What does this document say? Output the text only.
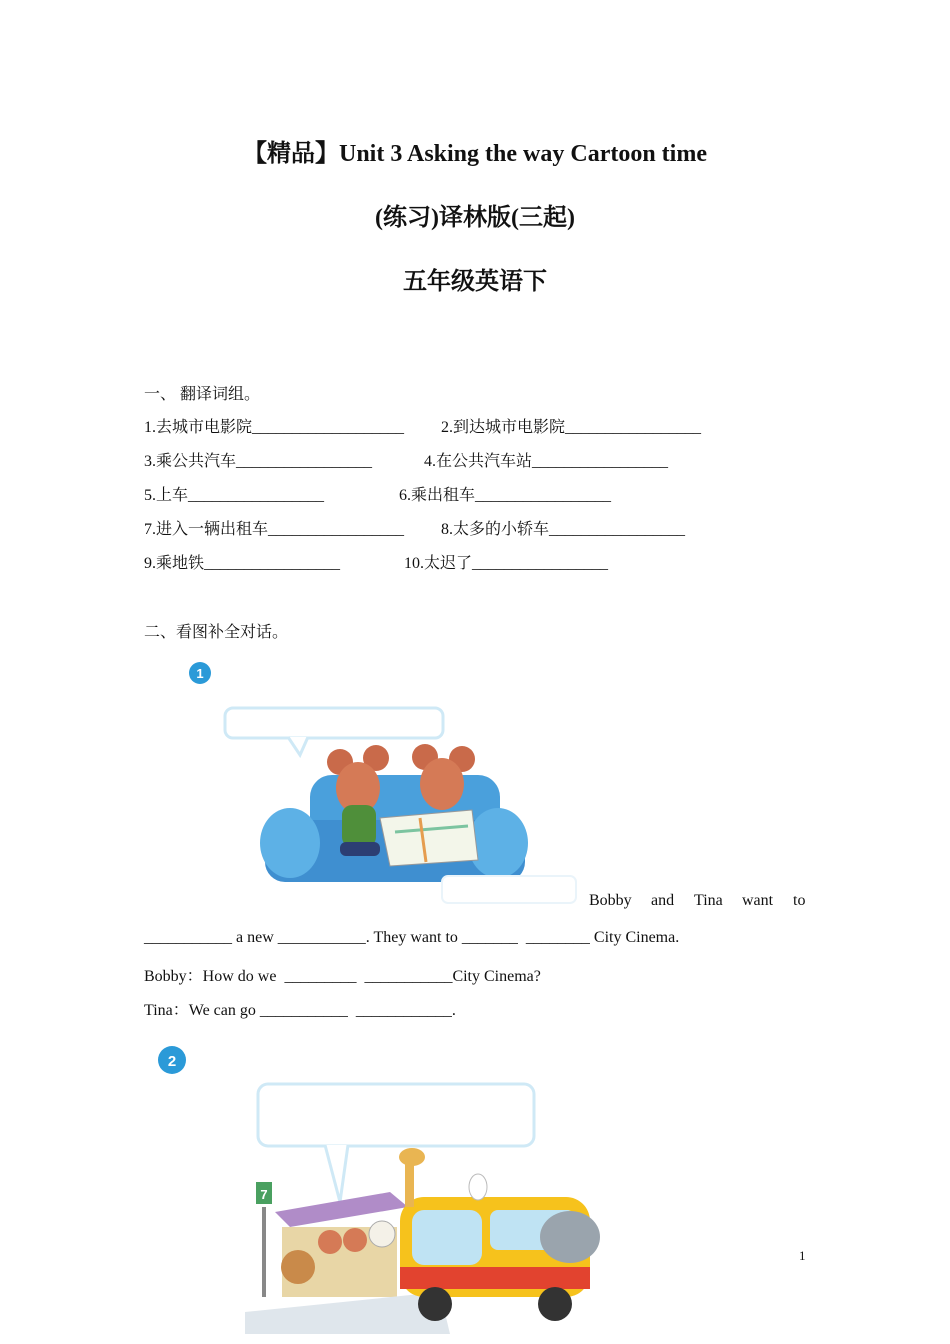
【精品】Unit 3 Asking the way Cartoon time
(练习)译林版(三起)
五年级英语下
一、 翻译词组。
1.去城市电影院___________________ 2.到达城市电影院_________________
3.乘公共汽车_________________	4.在公共汽车站_________________
5.上车_________________	6.乘出租车_________________
7.进入一辆出租车_________________ 8.太多的小轿车_________________
9.乘地铁_________________	10.太迟了_________________
二、看图补全对话。
1
Bobby and Tina want to
___________ a new ___________. They want to _______  ________ City Cinema.
Bobby：How do we  _________  ___________City Cinema?
Tina：We can go ___________  ____________.
2
7
1
